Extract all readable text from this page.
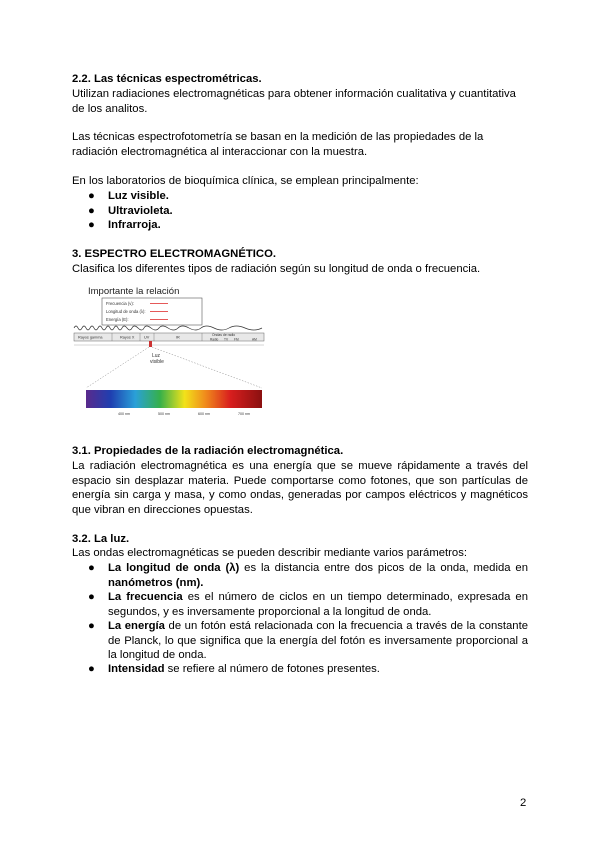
2.2. Las técnicas espectrométricas.
Utilizan radiaciones electromagnéticas para obtener información cualitativa y cuantitativa de los analitos.
Las técnicas espectrofotometría se basan en la medición de las propiedades de la radiación electromagnética al interaccionar con la muestra.
En los laboratorios de bioquímica clínica, se emplean principalmente:
● Luz visible.
● Ultravioleta.
● Infrarroja.
3. ESPECTRO ELECTROMAGNÉTICO.
Clasifica los diferentes tipos de radiación según su longitud de onda o frecuencia.
Importante la relación
Frecuencia (v):
Longitud de onda (λ):
Energía (E):
Rayos gamma	Rayos X	UV	IR
Ondas de radio
Radio TV FM	AM
Luz
visible
400 nm	500 nm	600 nm	700 nm
3.1. Propiedades de la radiación electromagnética.
La radiación electromagnética es una energía que se mueve rápidamente a través del espacio sin desplazar materia. Puede comportarse como fotones, que son partículas de energía sin carga y masa, y como ondas, generadas por campos eléctricos y magnéticos que vibran en direcciones opuestas.
3.2. La luz.
Las ondas electromagnéticas se pueden describir mediante varios parámetros:
● La longitud de onda (λ) es la distancia entre dos picos de la onda, medida en nanómetros (nm).
● La frecuencia es el número de ciclos en un tiempo determinado, expresada en segundos, y es inversamente proporcional a la longitud de onda.
● La energía de un fotón está relacionada con la frecuencia a través de la constante de Planck, lo que significa que la energía del fotón es inversamente proporcional a la longitud de onda.
● Intensidad se refiere al número de fotones presentes.
2
